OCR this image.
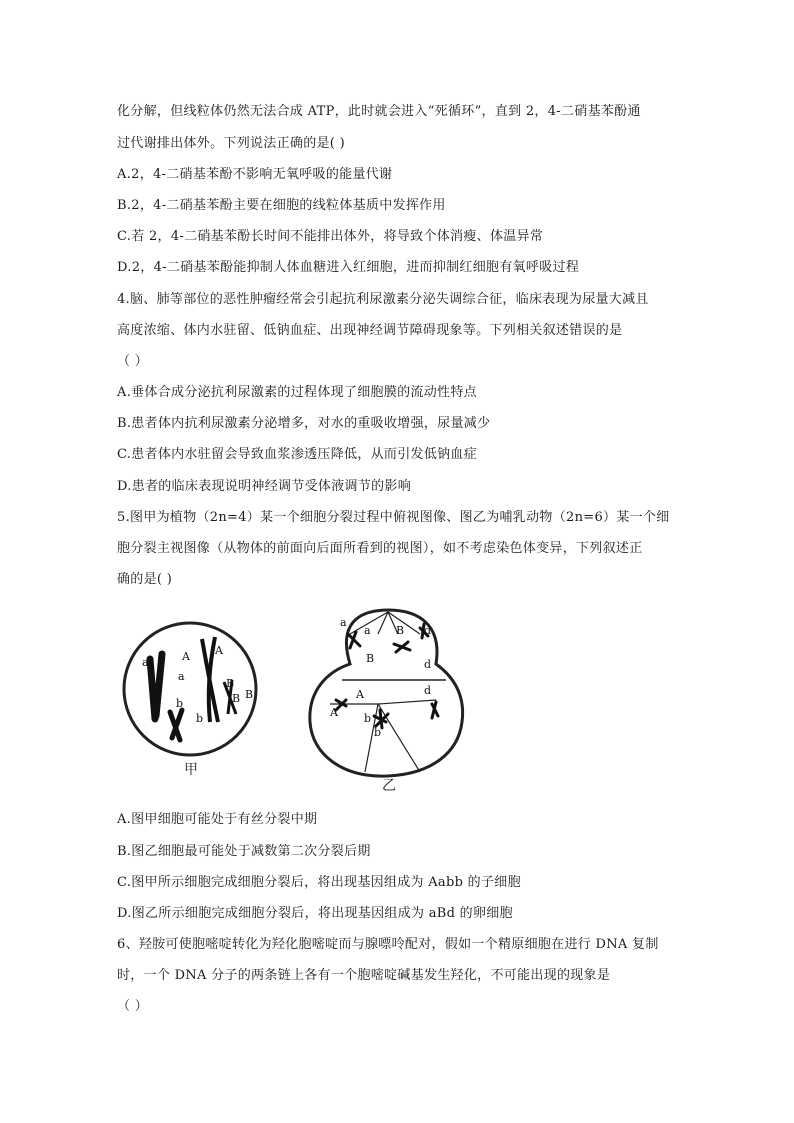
化分解，但线粒体仍然无法合成 ATP，此时就会进入“死循环”，直到 2，4-二硝基苯酚通
过代谢排出体外。下列说法正确的是( )
A.2，4-二硝基苯酚不影响无氧呼吸的能量代谢
B.2，4-二硝基苯酚主要在细胞的线粒体基质中发挥作用
C.若 2，4-二硝基苯酚长时间不能排出体外，将导致个体消瘦、体温异常
D.2，4-二硝基苯酚能抑制人体血糖进入红细胞，进而抑制红细胞有氧呼吸过程
4.脑、肺等部位的恶性肿瘤经常会引起抗利尿激素分泌失调综合征，临床表现为尿量大减且
高度浓缩、体内水驻留、低钠血症、出现神经调节障碍现象等。下列相关叙述错误的是
（ ）
A.垂体合成分泌抗利尿激素的过程体现了细胞膜的流动性特点
B.患者体内抗利尿激素分泌增多，对水的重吸收增强，尿量减少
C.患者体内水驻留会导致血浆渗透压降低，从而引发低钠血症
D.患者的临床表现说明神经调节受体液调节的影响
5.图甲为植物（2n=4）某一个细胞分裂过程中俯视图像、图乙为哺乳动物（2n=6）某一个细
胞分裂主视图像（从物体的前面向后面所看到的视图），如不考虑染色体变异，下列叙述正
确的是( )
a	A
a
A
B
B
b
b
B
甲
a
a B d
B	d
A
A
d
b
b
乙
A.图甲细胞可能处于有丝分裂中期
B.图乙细胞最可能处于减数第二次分裂后期
C.图甲所示细胞完成细胞分裂后，将出现基因组成为 Aabb 的子细胞
D.图乙所示细胞完成细胞分裂后，将出现基因组成为 aBd 的卵细胞
6、羟胺可使胞嘧啶转化为羟化胞嘧啶而与腺嘌呤配对，假如一个精原细胞在进行 DNA 复制
时，一个 DNA 分子的两条链上各有一个胞嘧啶碱基发生羟化，不可能出现的现象是
（ ）
